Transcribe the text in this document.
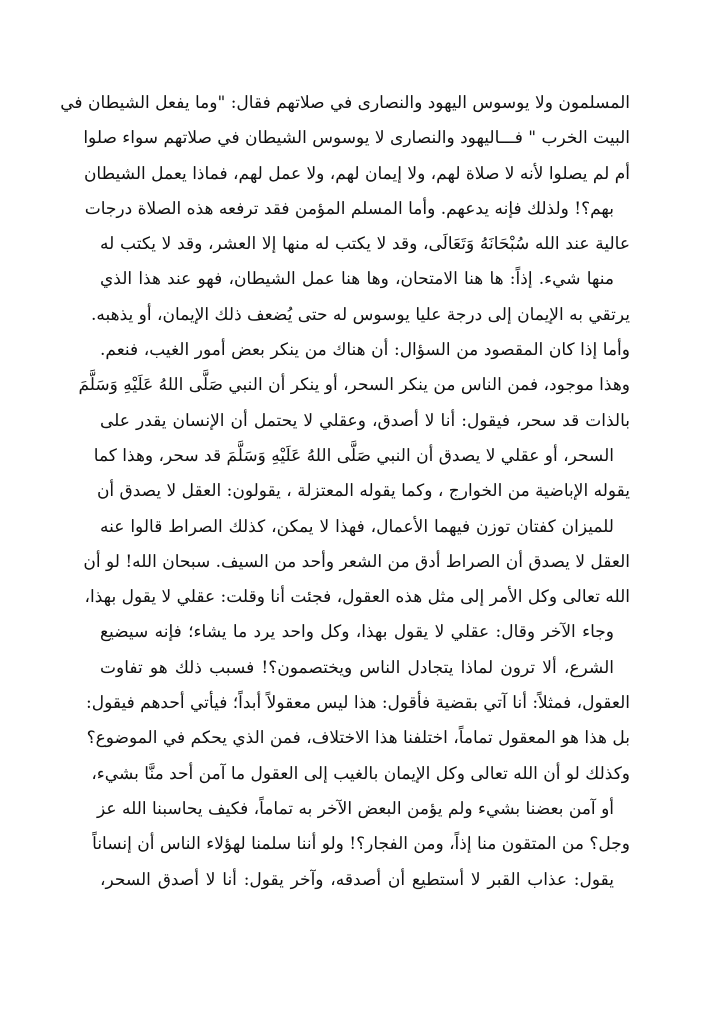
المسلمون ولا يوسوس اليهود والنصارى في صلاتهم فقال: "وما يفعل الشيطان في
البيت الخرب " فـــاليهود والنصارى لا يوسوس الشيطان في صلاتهم سواء صلوا
أم لم يصلوا لأنه لا صلاة لهم، ولا إيمان لهم، ولا عمل لهم، فماذا يعمل الشيطان
بهم؟! ولذلك فإنه يدعهم. وأما المسلم المؤمن فقد ترفعه هذه الصلاة درجات
عالية عند الله سُبْحَانَهُ وَتَعَالَى، وقد لا يكتب له منها إلا العشر، وقد لا يكتب له
منها شيء. إذاً: ها هنا الامتحان، وها هنا عمل الشيطان، فهو عند هذا الذي
يرتقي به الإيمان إلى درجة عليا يوسوس له حتى يُضعف ذلك الإيمان، أو يذهبه.
وأما إذا كان المقصود من السؤال: أن هناك من ينكر بعض أمور الغيب، فنعم.
وهذا موجود، فمن الناس من ينكر السحر، أو ينكر أن النبي صَلَّى اللهُ عَلَيْهِ وَسَلَّمَ
بالذات قد سحر، فيقول: أنا لا أصدق، وعقلي لا يحتمل أن الإنسان يقدر على
السحر، أو عقلي لا يصدق أن النبي صَلَّى اللهُ عَلَيْهِ وَسَلَّمَ قد سحر، وهذا كما
يقوله الإباضية من الخوارج ، وكما يقوله المعتزلة ، يقولون: العقل لا يصدق أن
للميزان كفتان توزن فيهما الأعمال، فهذا لا يمكن، كذلك الصراط قالوا عنه
العقل لا يصدق أن الصراط أدق من الشعر وأحد من السيف. سبحان الله! لو أن
الله تعالى وكل الأمر إلى مثل هذه العقول، فجئت أنا وقلت: عقلي لا يقول بهذا،
وجاء الآخر وقال: عقلي لا يقول بهذا، وكل واحد يرد ما يشاء؛ فإنه سيضيع
الشرع، ألا ترون لماذا يتجادل الناس ويختصمون؟! فسبب ذلك هو تفاوت
العقول، فمثلاً: أنا آتي بقضية فأقول: هذا ليس معقولاً أبداً؛ فيأتي أحدهم فيقول:
بل هذا هو المعقول تماماً، اختلفنا هذا الاختلاف، فمن الذي يحكم في الموضوع؟
وكذلك لو أن الله تعالى وكل الإيمان بالغيب إلى العقول ما آمن أحد منَّا بشيء،
أو آمن بعضنا بشيء ولم يؤمن البعض الآخر به تماماً، فكيف يحاسبنا الله عز
وجل؟ من المتقون منا إذاً، ومن الفجار؟! ولو أننا سلمنا لهؤلاء الناس أن إنساناً
يقول: عذاب القبر لا أستطيع أن أصدقه، وآخر يقول: أنا لا أصدق السحر،
